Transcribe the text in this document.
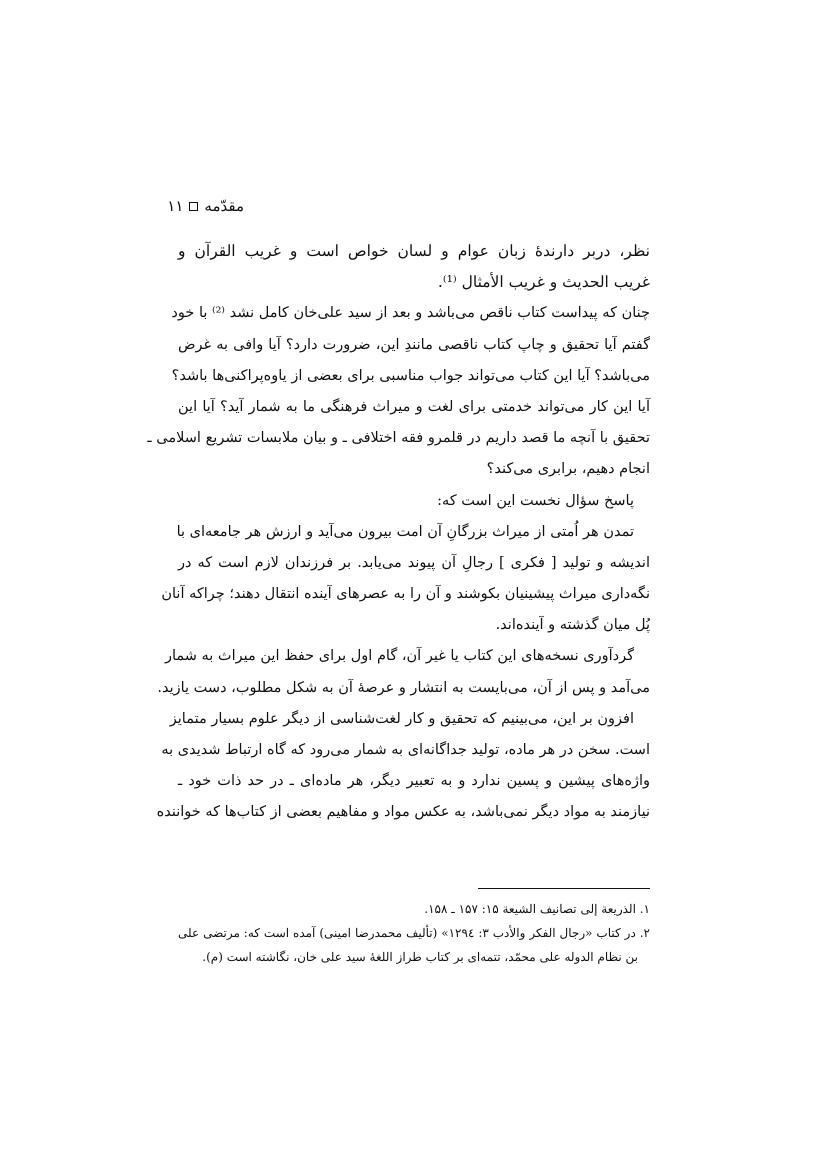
مقدّمه
۱۱
نظر، دربر دارندهٔ زبان عوام و لسان خواص است و غریب القرآن و
غریب الحدیث و غریب الأمثال ⁽¹⁾.
چنان که پیداست کتاب ناقص می‌باشد و بعد از سید علی‌خان کامل نشد ⁽²⁾ با خود
گفتم آیا تحقیق و چاپ کتاب ناقصی مانندِ این، ضرورت دارد؟ آیا وافی به غرض
می‌باشد؟ آیا این کتاب می‌تواند جواب مناسبی برای بعضی از یاوه‌پراکنی‌ها باشد؟
آیا این کار می‌تواند خدمتی برای لغت و میراث فرهنگی ما به شمار آید؟ آیا این
تحقیق با آنچه ما قصد داریم در قلمرو فقه اختلافی ـ و بیان ملابسات تشریع اسلامی ـ
انجام دهیم، برابری می‌کند؟
پاسخ سؤال نخست این است که:
تمدن هر اُمتی از میراث بزرگانِ آن امت بیرون می‌آید و ارزش هر جامعه‌ای با
اندیشه و تولید [ فکری ] رجالِ آن پیوند می‌یابد. بر فرزندان لازم است که در
نگه‌داری میراث پیشینیان بکوشند و آن را به عصرهای آینده انتقال دهند؛ چراکه آنان
پُل میان گذشته و آینده‌اند.
گردآوری نسخه‌های این کتاب یا غیر آن، گام اول برای حفظ این میراث به شمار
می‌آمد و پس از آن، می‌بایست به انتشار و عرصهٔ آن به شکل مطلوب، دست یازید.
افزون بر این، می‌بینیم که تحقیق و کار لغت‌شناسی از دیگر علوم بسیار متمایز
است. سخن در هر ماده، تولید جداگانه‌ای به شمار می‌رود که گاه ارتباط شدیدی به
واژه‌های پیشین و پسین ندارد و به تعبیر دیگر، هر ماده‌ای ـ در حد ذات خود ـ
نیازمند به مواد دیگر نمی‌باشد، به عکس مواد و مفاهیم بعضی از کتاب‌ها که خواننده
۱. الذریعة إلی تصانیف الشیعة ۱۵: ۱۵۷ ـ ۱۵۸.
۲. در کتاب «رجال الفکر والأدب ۳: ۱۲۹٤» (تألیف محمدرضا امینی) آمده است که: مرتضی علی
بن نظام الدوله علی محمّد، تتمه‌ای بر کتاب طراز اللغهٔ سید علی خان، نگاشته است (م).
